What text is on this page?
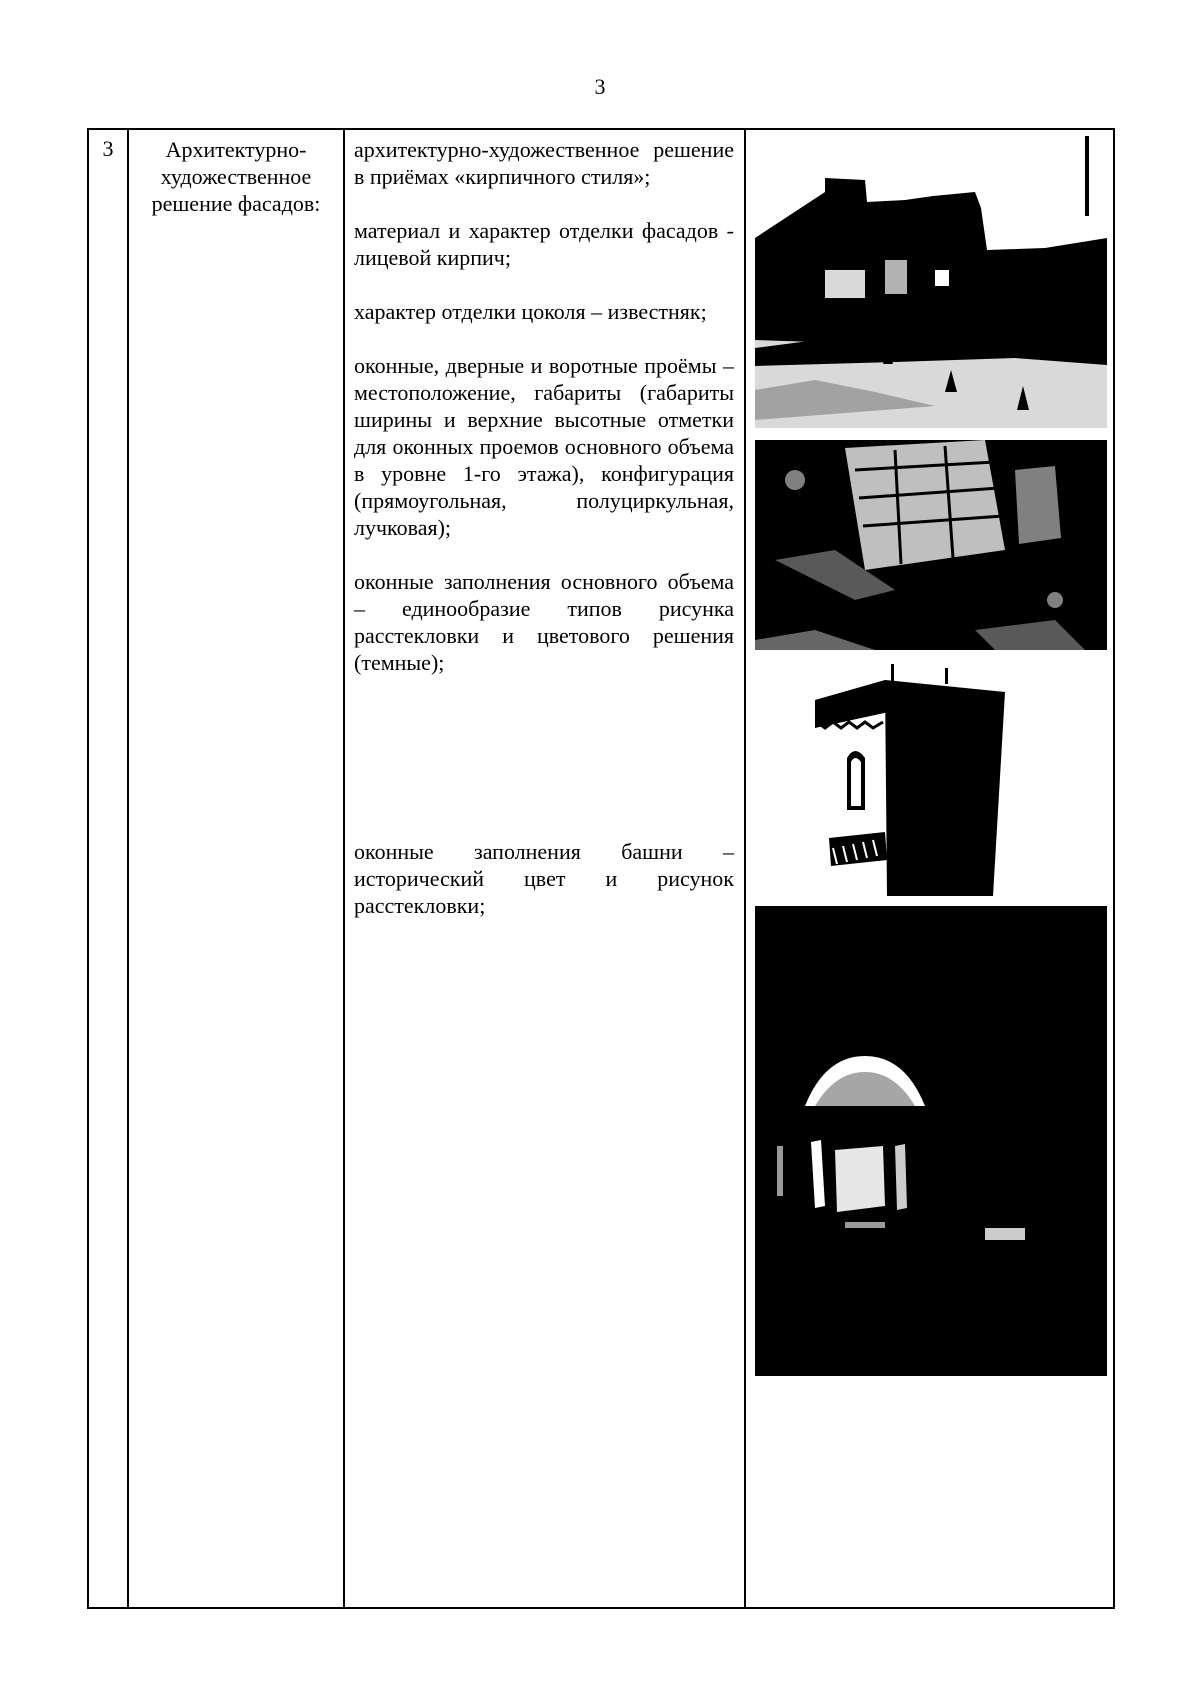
3
3	Архитектурно-художественное решение фасадов:

архитектурно-художественное решение в приёмах «кирпичного стиля»;

материал и характер отделки фасадов - лицевой кирпич;

характер отделки цоколя – известняк;

оконные, дверные и воротные проёмы – местоположение, габариты (габариты ширины и верхние высотные отметки для оконных проемов основного объема в уровне 1-го этажа), конфигурация (прямоугольная, полуциркульная, лучковая);

оконные заполнения основного объема – единообразие типов рисунка расстекловки и цветового решения (темные);

оконные заполнения башни – исторический цвет и рисунок расстекловки;
